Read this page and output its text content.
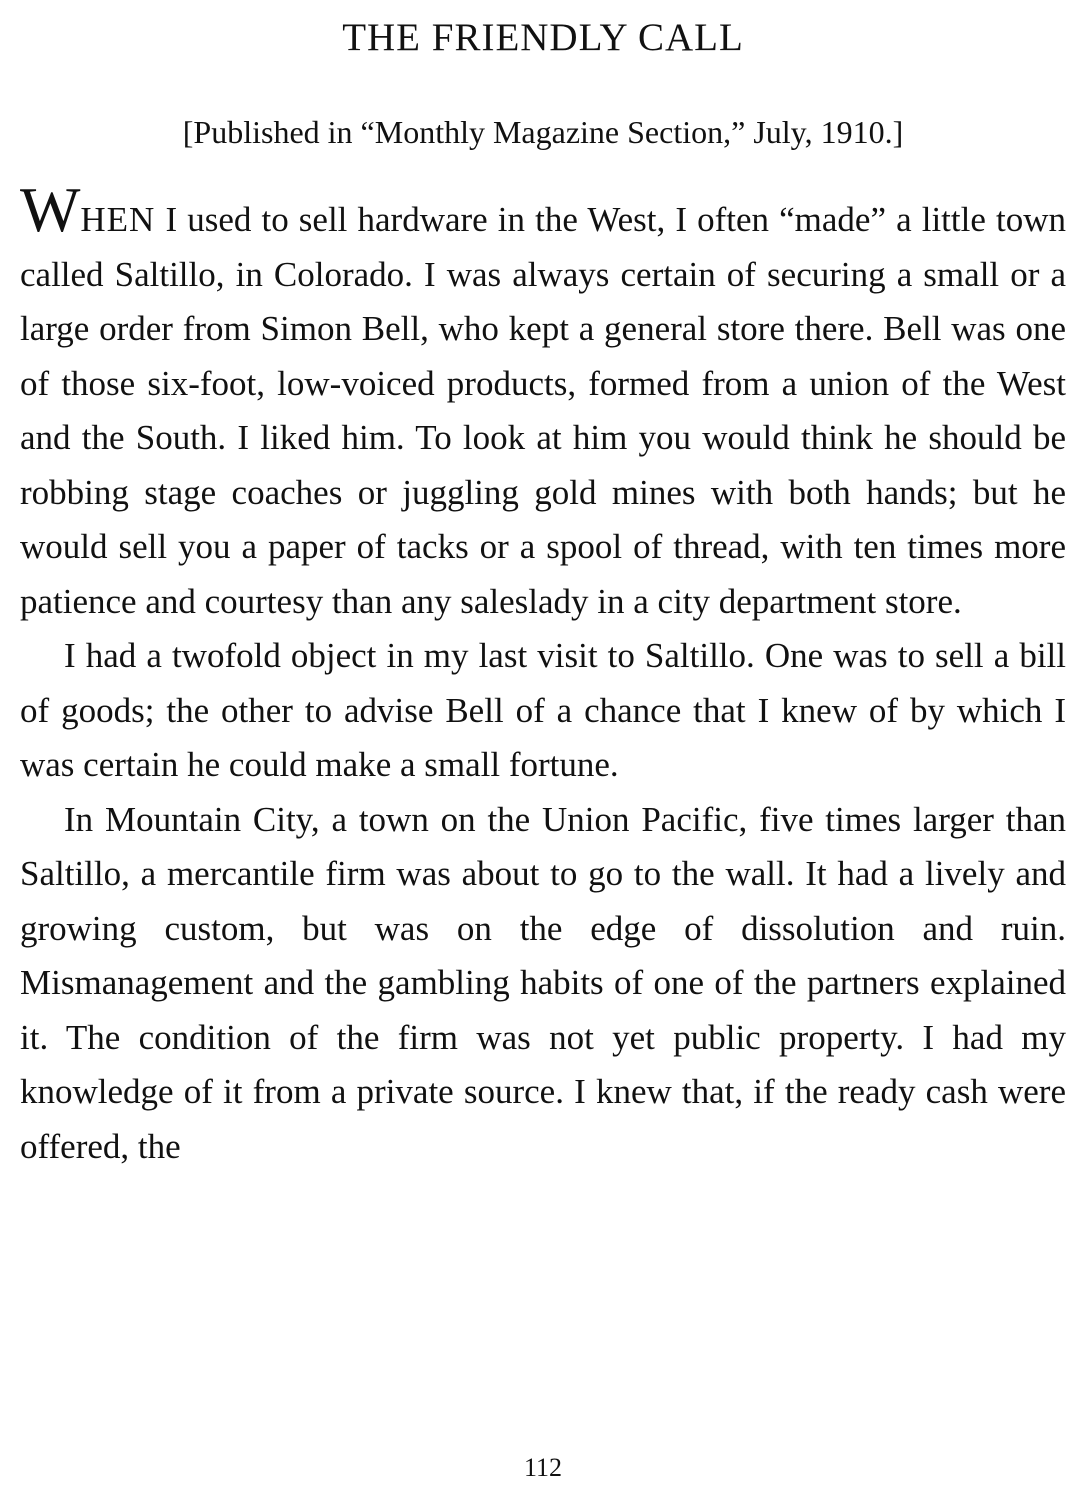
THE FRIENDLY CALL
[Published in “Monthly Magazine Section,” July, 1910.]

WHEN I used to sell hardware in the West, I often “made” a little town called Saltillo, in Colorado. I was always certain of securing a small or a large order from Simon Bell, who kept a general store there. Bell was one of those six-foot, low-voiced products, formed from a union of the West and the South. I liked him. To look at him you would think he should be robbing stage coaches or juggling gold mines with both hands; but he would sell you a paper of tacks or a spool of thread, with ten times more patience and courtesy than any saleslady in a city department store.

I had a twofold object in my last visit to Saltillo. One was to sell a bill of goods; the other to advise Bell of a chance that I knew of by which I was certain he could make a small fortune.

In Mountain City, a town on the Union Pacific, five times larger than Saltillo, a mercantile firm was about to go to the wall. It had a lively and growing custom, but was on the edge of dissolution and ruin. Mismanagement and the gambling habits of one of the partners explained it. The condition of the firm was not yet public property. I had my knowledge of it from a private source. I knew that, if the ready cash were offered, the

112
